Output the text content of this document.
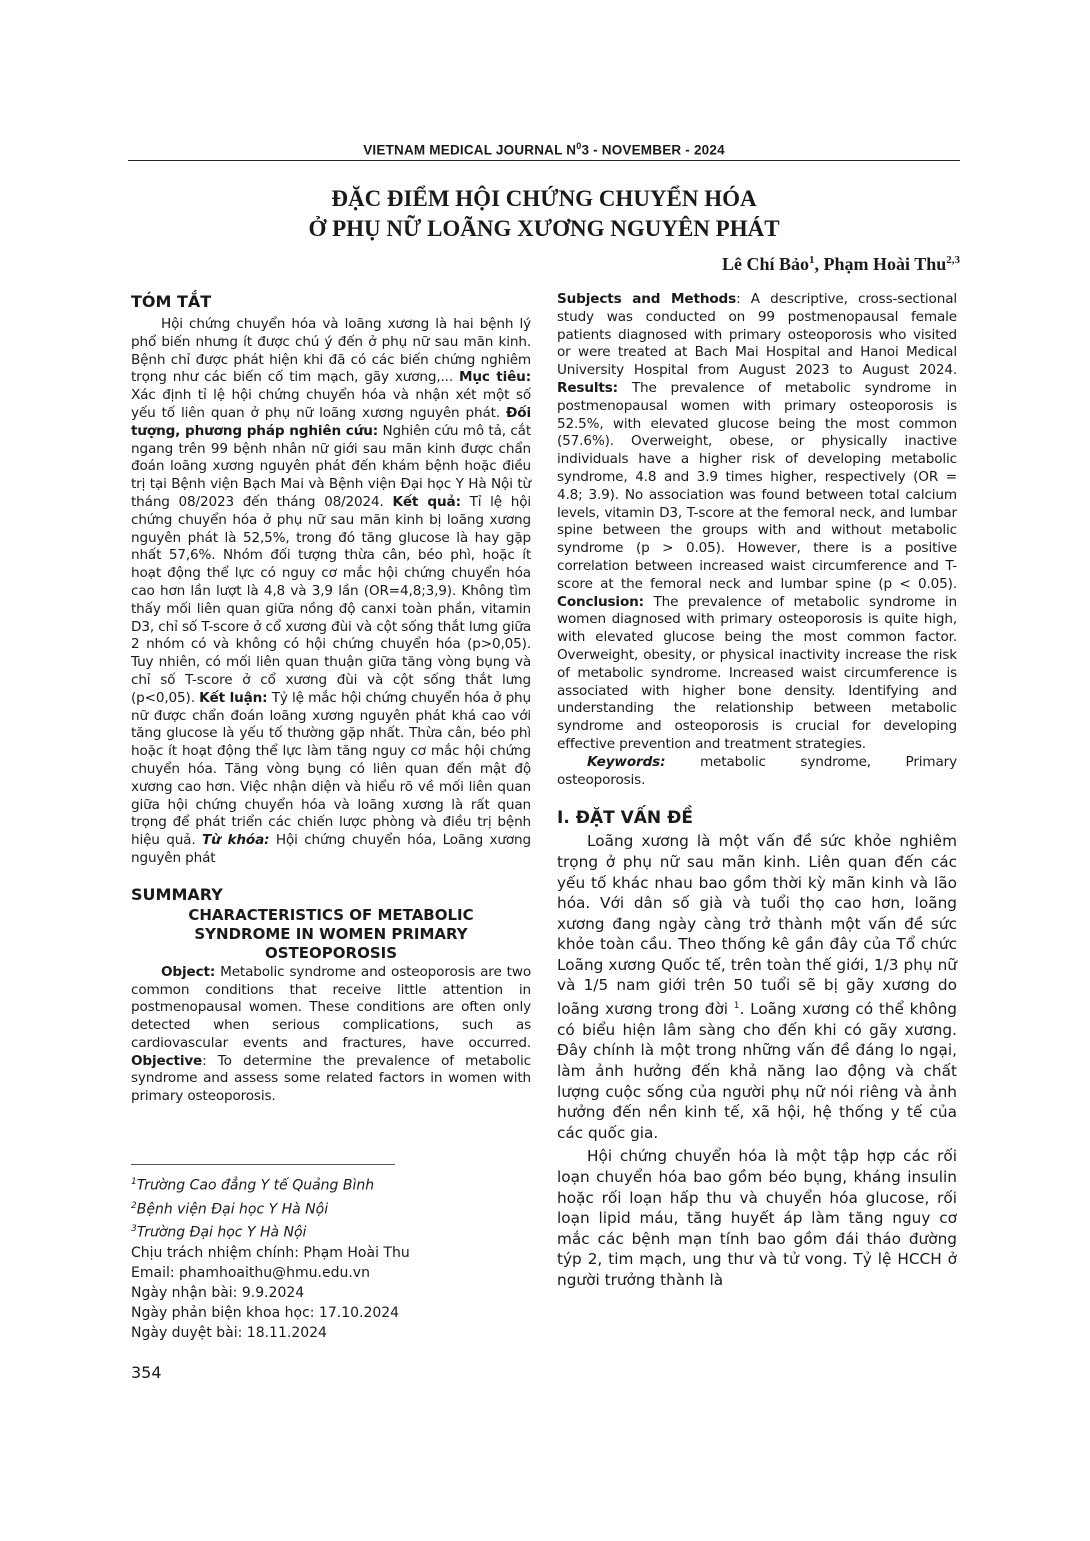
VIETNAM MEDICAL JOURNAL $N^03$ - NOVEMBER - 2024
ĐẶC ĐIỂM HỘI CHỨNG CHUYỂN HÓA
Ở PHỤ NỮ LOÃNG XƯƠNG NGUYÊN PHÁT
Lê Chí Bảo$^1$, Phạm Hoài Thu$^{2,3}$
TÓM TẮT

Hội chứng chuyển hóa và loãng xương là hai bệnh lý phổ biến nhưng ít được chú ý đến ở phụ nữ sau mãn kinh. Bệnh chỉ được phát hiện khi đã có các biến chứng nghiêm trọng như các biến cố tim mạch, gãy xương,... Mục tiêu: Xác định tỉ lệ hội chứng chuyển hóa và nhận xét một số yếu tố liên quan ở phụ nữ loãng xương nguyên phát. Đối tượng, phương pháp nghiên cứu: Nghiên cứu mô tả, cắt ngang trên 99 bệnh nhân nữ giới sau mãn kinh được chẩn đoán loãng xương nguyên phát đến khám bệnh hoặc điều trị tại Bệnh viện Bạch Mai và Bệnh viện Đại học Y Hà Nội từ tháng 08/2023 đến tháng 08/2024. Kết quả: Tỉ lệ hội chứng chuyển hóa ở phụ nữ sau mãn kinh bị loãng xương nguyên phát là 52,5%, trong đó tăng glucose là hay gặp nhất 57,6%. Nhóm đối tượng thừa cân, béo phì, hoặc ít hoạt động thể lực có nguy cơ mắc hội chứng chuyển hóa cao hơn lần lượt là 4,8 và 3,9 lần (OR=4,8;3,9). Không tìm thấy mối liên quan giữa nồng độ canxi toàn phần, vitamin D3, chỉ số T-score ở cổ xương đùi và cột sống thắt lưng giữa 2 nhóm có và không có hội chứng chuyển hóa (p>0,05). Tuy nhiên, có mối liên quan thuận giữa tăng vòng bụng và chỉ số T-score ở cổ xương đùi và cột sống thắt lưng (p<0,05). Kết luận: Tỷ lệ mắc hội chứng chuyển hóa ở phụ nữ được chẩn đoán loãng xương nguyên phát khá cao với tăng glucose là yếu tố thường gặp nhất. Thừa cân, béo phì hoặc ít hoạt động thể lực làm tăng nguy cơ mắc hội chứng chuyển hóa. Tăng vòng bụng có liên quan đến mật độ xương cao hơn. Việc nhận diện và hiểu rõ về mối liên quan giữa hội chứng chuyển hóa và loãng xương là rất quan trọng để phát triển các chiến lược phòng và điều trị bệnh hiệu quả. Từ khóa: Hội chứng chuyển hóa, Loãng xương nguyên phát

SUMMARY
CHARACTERISTICS OF METABOLIC SYNDROME IN WOMEN PRIMARY OSTEOPOROSIS

Object: Metabolic syndrome and osteoporosis are two common conditions that receive little attention in postmenopausal women. These conditions are often only detected when serious complications, such as cardiovascular events and fractures, have occurred. Objective: To determine the prevalence of metabolic syndrome and assess some related factors in women with primary osteoporosis.

Subjects and Methods: A descriptive, cross-sectional study was conducted on 99 postmenopausal female patients diagnosed with primary osteoporosis who visited or were treated at Bach Mai Hospital and Hanoi Medical University Hospital from August 2023 to August 2024. Results: The prevalence of metabolic syndrome in postmenopausal women with primary osteoporosis is 52.5%, with elevated glucose being the most common (57.6%). Overweight, obese, or physically inactive individuals have a higher risk of developing metabolic syndrome, 4.8 and 3.9 times higher, respectively (OR = 4.8; 3.9). No association was found between total calcium levels, vitamin D3, T-score at the femoral neck, and lumbar spine between the groups with and without metabolic syndrome (p > 0.05). However, there is a positive correlation between increased waist circumference and T-score at the femoral neck and lumbar spine (p < 0.05). Conclusion: The prevalence of metabolic syndrome in women diagnosed with primary osteoporosis is quite high, with elevated glucose being the most common factor. Overweight, obesity, or physical inactivity increase the risk of metabolic syndrome. Increased waist circumference is associated with higher bone density. Identifying and understanding the relationship between metabolic syndrome and osteoporosis is crucial for developing effective prevention and treatment strategies.

Keywords: metabolic syndrome, Primary osteoporosis.

I. ĐẶT VẤN ĐỀ

Loãng xương là một vấn đề sức khỏe nghiêm trọng ở phụ nữ sau mãn kinh. Liên quan đến các yếu tố khác nhau bao gồm thời kỳ mãn kinh và lão hóa. Với dân số già và tuổi thọ cao hơn, loãng xương đang ngày càng trở thành một vấn đề sức khỏe toàn cầu. Theo thống kê gần đây của Tổ chức Loãng xương Quốc tế, trên toàn thế giới, 1/3 phụ nữ và 1/5 nam giới trên 50 tuổi sẽ bị gãy xương do loãng xương trong đời $^1$. Loãng xương có thể không có biểu hiện lâm sàng cho đến khi có gãy xương. Đây chính là một trong những vấn đề đáng lo ngại, làm ảnh hưởng đến khả năng lao động và chất lượng cuộc sống của người phụ nữ nói riêng và ảnh hưởng đến nền kinh tế, xã hội, hệ thống y tế của các quốc gia.

Hội chứng chuyển hóa là một tập hợp các rối loạn chuyển hóa bao gồm béo bụng, kháng insulin hoặc rối loạn hấp thu và chuyển hóa glucose, rối loạn lipid máu, tăng huyết áp làm tăng nguy cơ mắc các bệnh mạn tính bao gồm đái tháo đường týp 2, tim mạch, ung thư và tử vong. Tỷ lệ HCCH ở người trưởng thành là

$^1$Trường Cao đẳng Y tế Quảng Bình
$^2$Bệnh viện Đại học Y Hà Nội
$^3$Trường Đại học Y Hà Nội
Chịu trách nhiệm chính: Phạm Hoài Thu
Email: phamhoaithu@hmu.edu.vn
Ngày nhận bài: 9.9.2024
Ngày phản biện khoa học: 17.10.2024
Ngày duyệt bài: 18.11.2024
354
